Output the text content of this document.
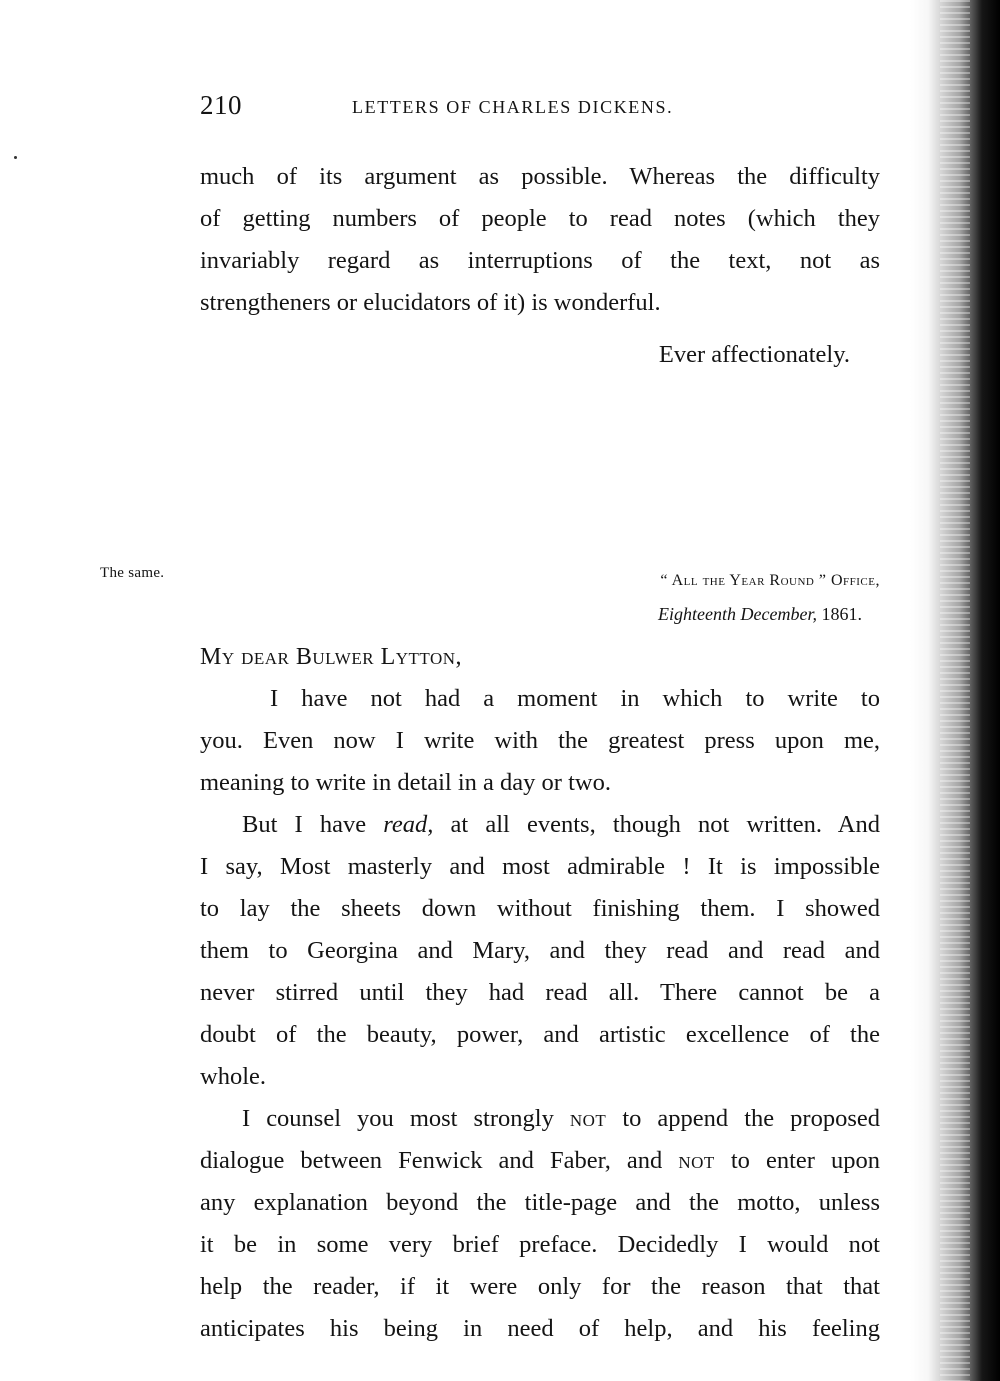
210	LETTERS OF CHARLES DICKENS.
much of its argument as possible. Whereas the difficulty
of getting numbers of people to read notes (which they
invariably regard as interruptions of the text, not as
strengtheners or elucidators of it) is wonderful.
Ever affectionately.
The same.	“ All the Year Round ” Office,
Eighteenth December, 1861.
My dear Bulwer Lytton,
I have not had a moment in which to write to
you. Even now I write with the greatest press upon me,
meaning to write in detail in a day or two.
But I have read, at all events, though not written. And
I say, Most masterly and most admirable ! It is impossible
to lay the sheets down without finishing them. I showed
them to Georgina and Mary, and they read and read and
never stirred until they had read all. There cannot be a
doubt of the beauty, power, and artistic excellence of the
whole.
I counsel you most strongly not to append the proposed
dialogue between Fenwick and Faber, and not to enter upon
any explanation beyond the title-page and the motto, unless
it be in some very brief preface. Decidedly I would not
help the reader, if it were only for the reason that that
anticipates his being in need of help, and his feeling
